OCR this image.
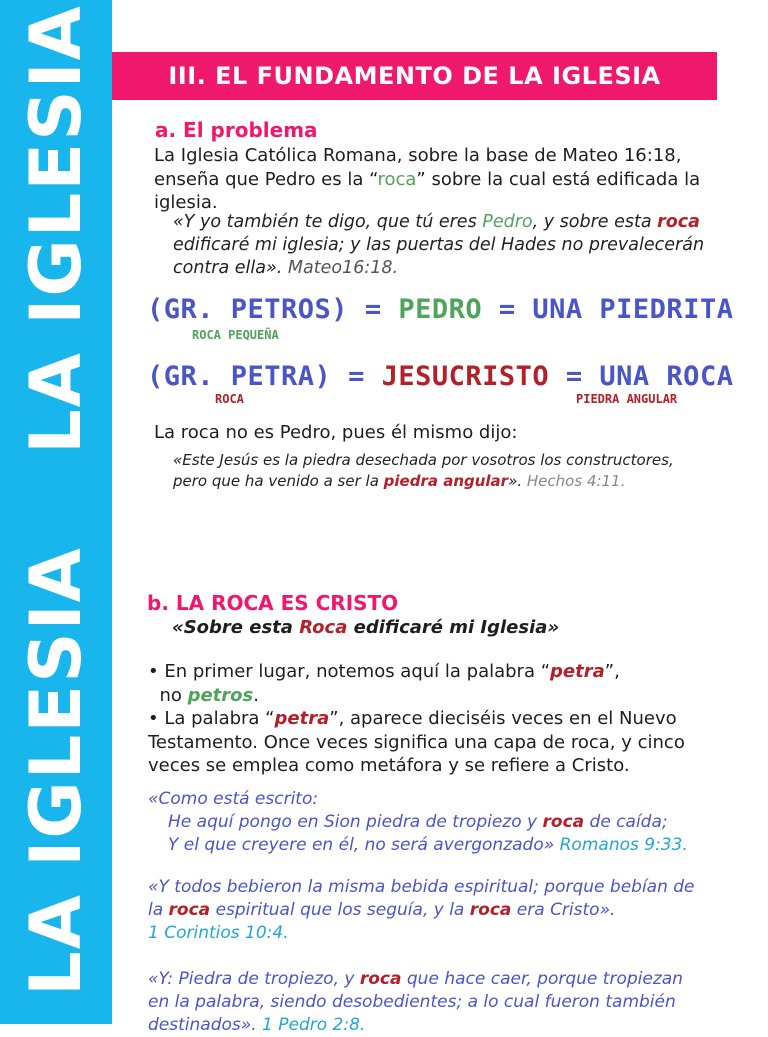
LA IGLESIA
LA IGLESIA
III. EL FUNDAMENTO DE LA IGLESIA
a. El problema
La Iglesia Católica Romana, sobre la base de Mateo 16:18,
enseña que Pedro es la “roca” sobre la cual está edificada la
iglesia.
«Y yo también te digo, que tú eres Pedro, y sobre esta roca
edificaré mi iglesia; y las puertas del Hades no prevalecerán
contra ella». Mateo16:18.
(GR. PETROS) = PEDRO = UNA PIEDRITA
ROCA PEQUEÑA
(GR. PETRA) = JESUCRISTO = UNA ROCA
ROCA	PIEDRA ANGULAR
La roca no es Pedro, pues él mismo dijo:
«Este Jesús es la piedra desechada por vosotros los constructores,
pero que ha venido a ser la piedra angular». Hechos 4:11.
b. LA ROCA ES CRISTO
«Sobre esta Roca edificaré mi Iglesia»
• En primer lugar, notemos aquí la palabra “petra”,
no petros.
• La palabra “petra”, aparece dieciséis veces en el Nuevo
Testamento. Once veces significa una capa de roca, y cinco
veces se emplea como metáfora y se refiere a Cristo.
«Como está escrito:
He aquí pongo en Sion piedra de tropiezo y roca de caída;
Y el que creyere en él, no será avergonzado» Romanos 9:33.
«Y todos bebieron la misma bebida espiritual; porque bebían de
la roca espiritual que los seguía, y la roca era Cristo».
1 Corintios 10:4.
«Y: Piedra de tropiezo, y roca que hace caer, porque tropiezan
en la palabra, siendo desobedientes; a lo cual fueron también
destinados». 1 Pedro 2:8.
